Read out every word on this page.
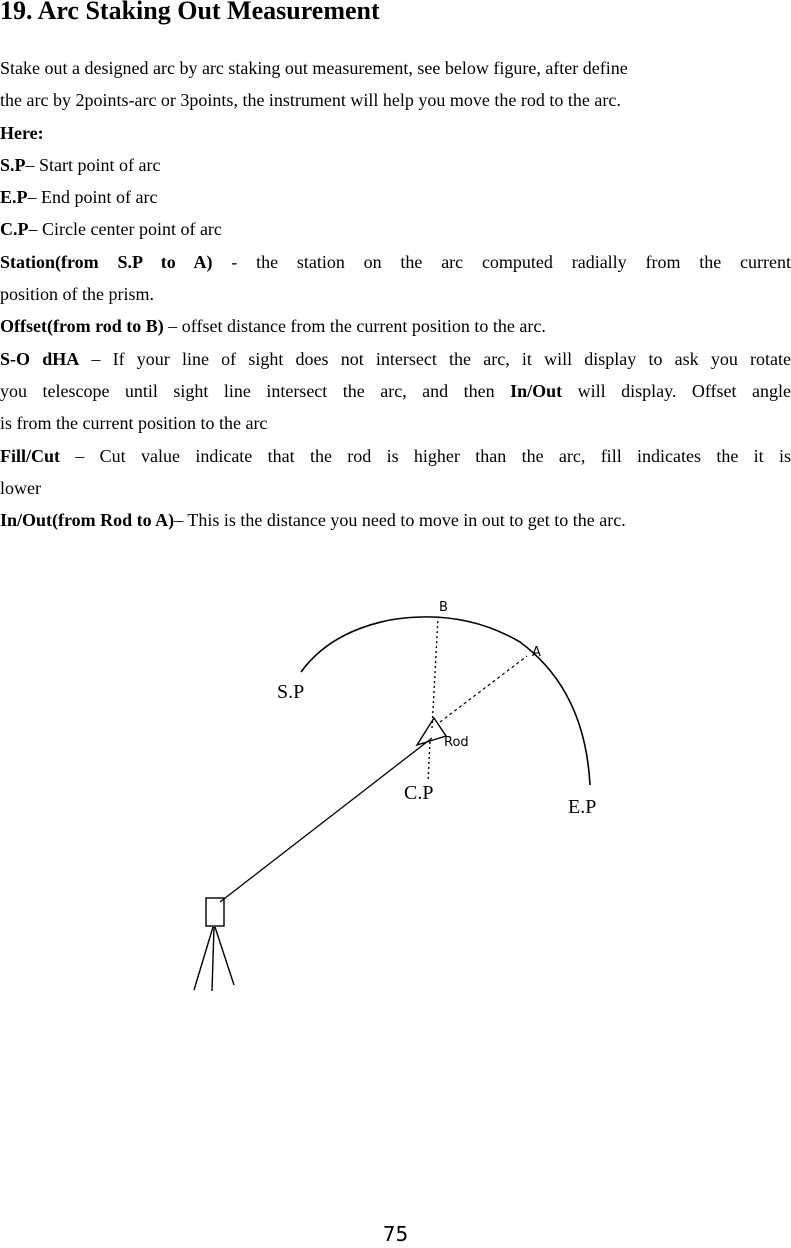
19. Arc Staking Out Measurement

Stake out a designed arc by arc staking out measurement, see below figure, after define

the arc by 2points-arc or 3points, the instrument will help you move the rod to the arc.

Here:

S.P– Start point of arc

E.P– End point of arc

C.P– Circle center point of arc

Station(from S.P to A) - the station on the arc computed radially from the current

position of the prism.

Offset(from rod to B) – offset distance from the current position to the arc.

S-O dHA – If your line of sight does not intersect the arc, it will display to ask you rotate

you telescope until sight line intersect the arc, and then In/Out will display. Offset angle

is from the current position to the arc

Fill/Cut – Cut value indicate that the rod is higher than the arc, fill indicates the it is

lower

In/Out(from Rod to A)– This is the distance you need to move in out to get to the arc.

B
A
S.P
Rod
C.P
E.P
75
